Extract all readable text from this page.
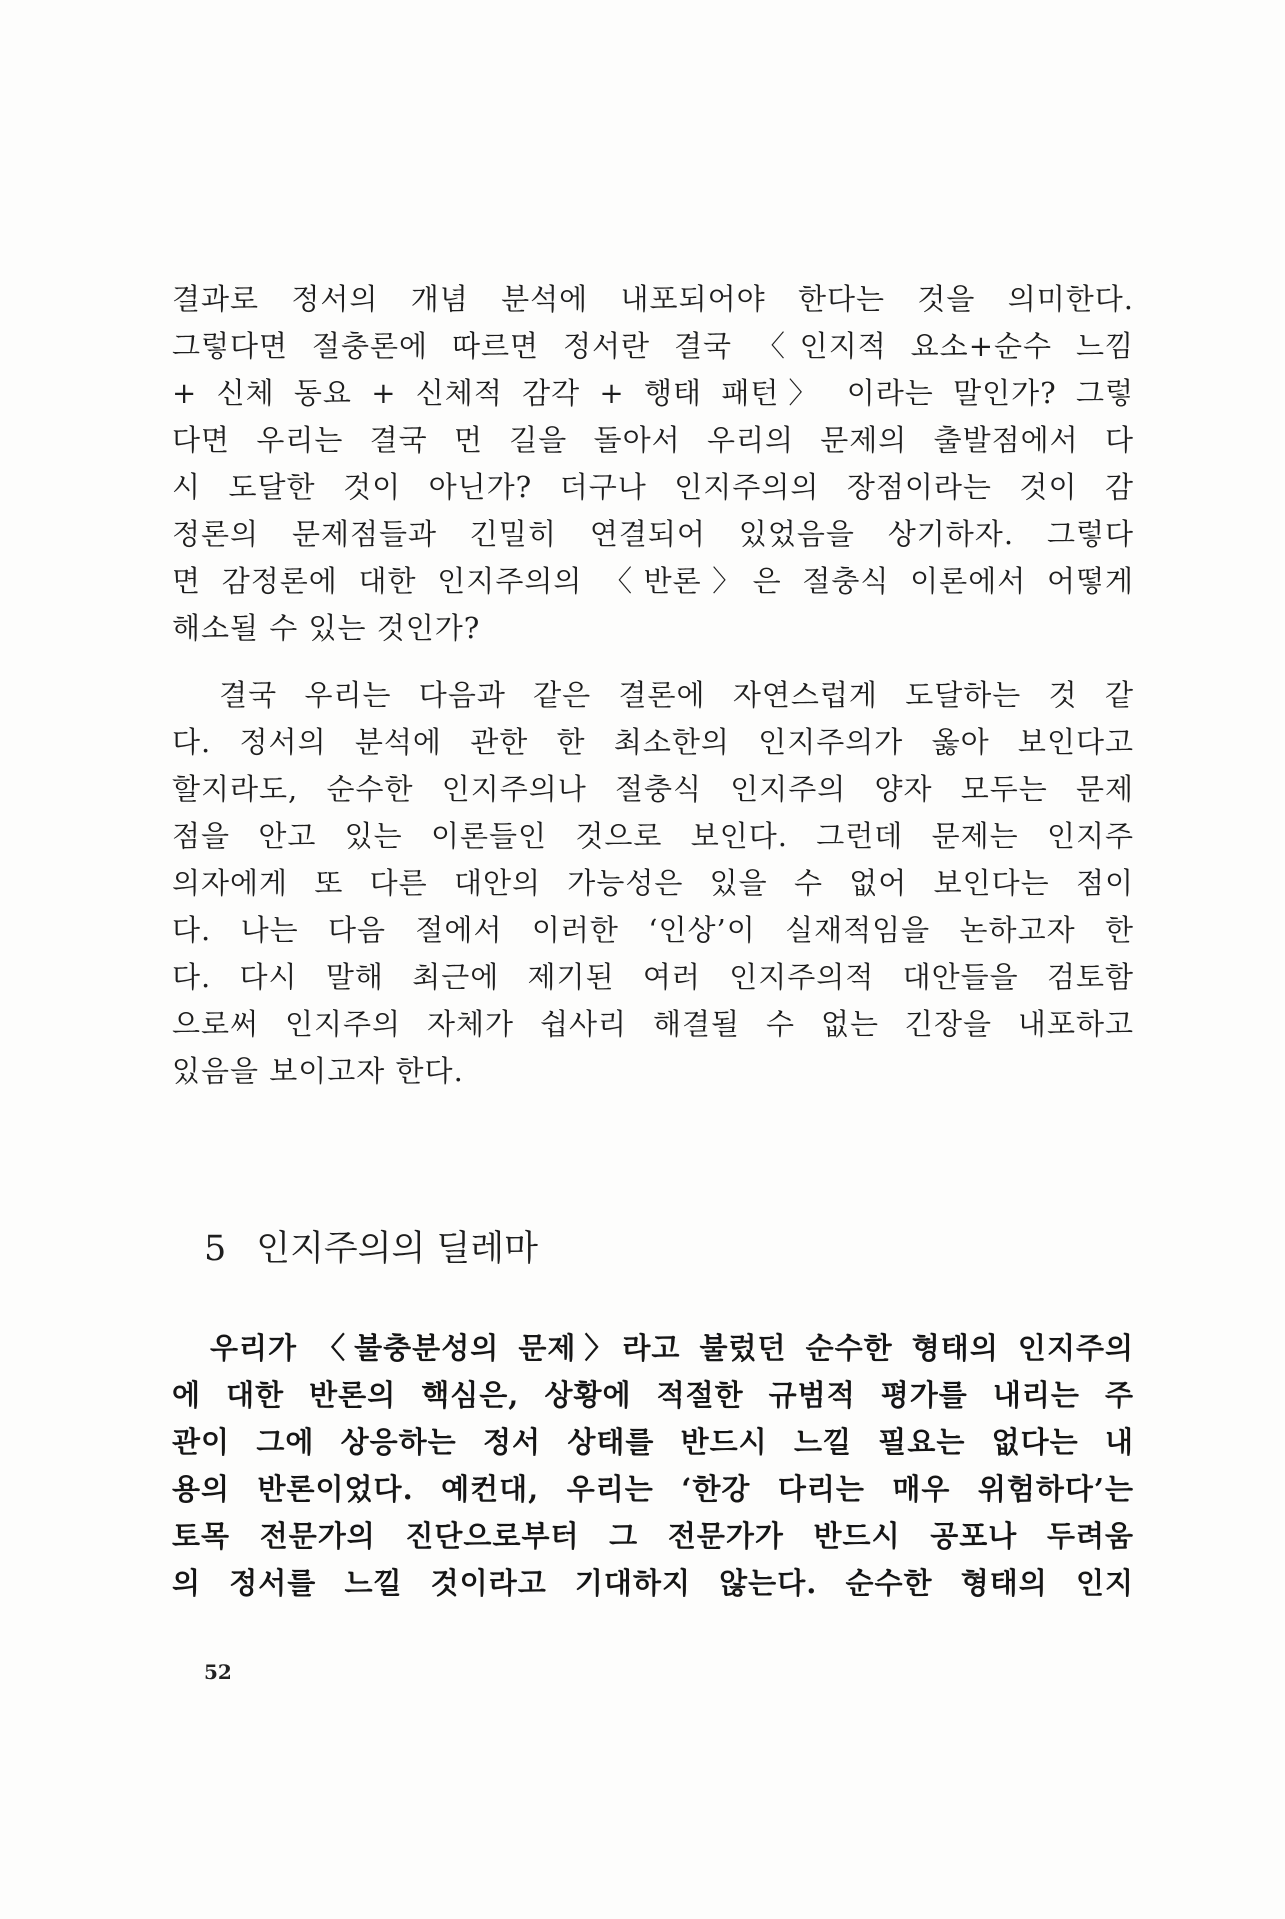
결과로 정서의 개념 분석에 내포되어야 한다는 것을 의미한다.
그렇다면 절충론에 따르면 정서란 결국 〈인지적 요소+순수 느낌
+ 신체 동요 + 신체적 감각 + 행태 패턴〉 이라는 말인가? 그렇
다면 우리는 결국 먼 길을 돌아서 우리의 문제의 출발점에서 다
시 도달한 것이 아닌가? 더구나 인지주의의 장점이라는 것이 감
정론의 문제점들과 긴밀히 연결되어 있었음을 상기하자. 그렇다
면 감정론에 대한 인지주의의 〈반론〉은 절충식 이론에서 어떻게
해소될 수 있는 것인가?
　결국 우리는 다음과 같은 결론에 자연스럽게 도달하는 것 같
다. 정서의 분석에 관한 한 최소한의 인지주의가 옳아 보인다고
할지라도, 순수한 인지주의나 절충식 인지주의 양자 모두는 문제
점을 안고 있는 이론들인 것으로 보인다. 그런데 문제는 인지주
의자에게 또 다른 대안의 가능성은 있을 수 없어 보인다는 점이
다. 나는 다음 절에서 이러한 ‘인상’이 실재적임을 논하고자 한
다. 다시 말해 최근에 제기된 여러 인지주의적 대안들을 검토함
으로써 인지주의 자체가 쉽사리 해결될 수 없는 긴장을 내포하고
있음을 보이고자 한다.
5 인지주의의 딜레마
　우리가 〈불충분성의 문제〉라고 불렀던 순수한 형태의 인지주의
에 대한 반론의 핵심은, 상황에 적절한 규범적 평가를 내리는 주
관이 그에 상응하는 정서 상태를 반드시 느낄 필요는 없다는 내
용의 반론이었다. 예컨대, 우리는 ‘한강 다리는 매우 위험하다’는
토목 전문가의 진단으로부터 그 전문가가 반드시 공포나 두려움
의 정서를 느낄 것이라고 기대하지 않는다. 순수한 형태의 인지
52
